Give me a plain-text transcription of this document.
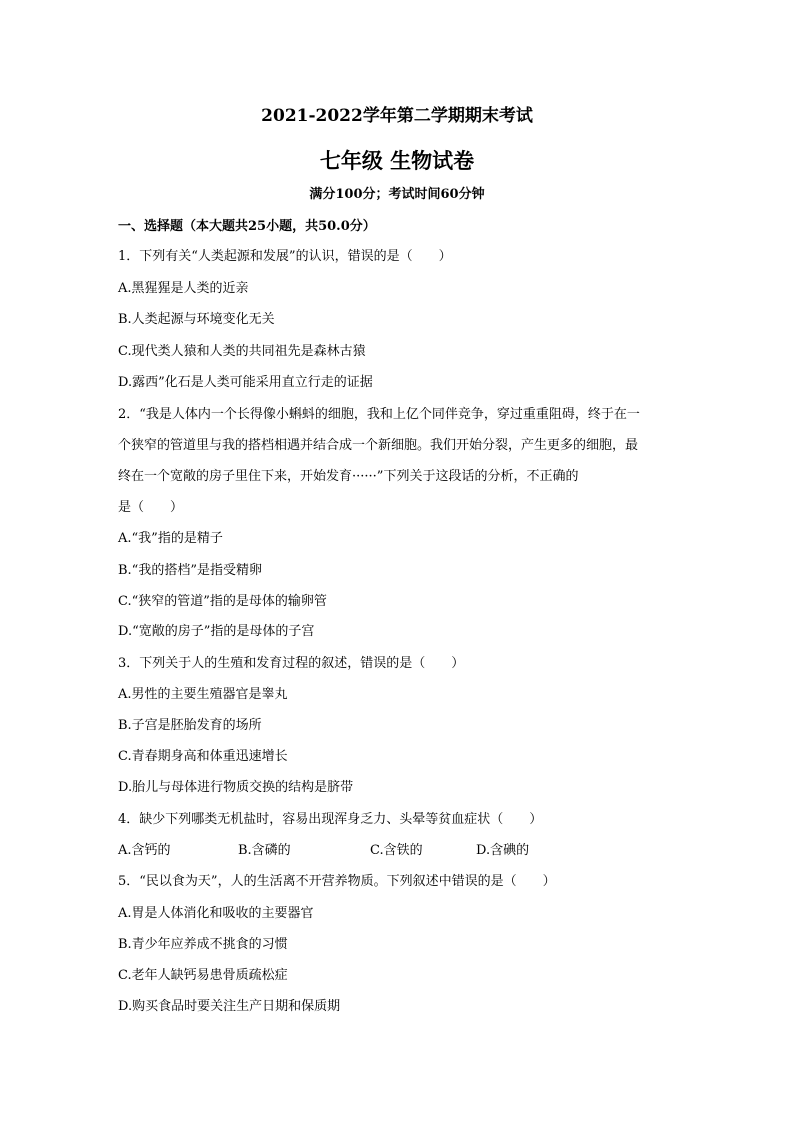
2021-2022学年第二学期期末考试
七年级 生物试卷
满分100分；考试时间60分钟
一、选择题（本大题共25小题，共50.0分）
1．下列有关“人类起源和发展”的认识，错误的是（　　）
A.黑猩猩是人类的近亲
B.人类起源与环境变化无关
C.现代类人猿和人类的共同祖先是森林古猿
D.露西”化石是人类可能采用直立行走的证据
2．“我是人体内一个长得像小蝌蚪的细胞，我和上亿个同伴竞争，穿过重重阻碍，终于在一
个狭窄的管道里与我的搭档相遇并结合成一个新细胞。我们开始分裂，产生更多的细胞，最
终在一个宽敞的房子里住下来，开始发育······”下列关于这段话的分析，不正确的
是（　　）
A.“我”指的是精子
B.“我的搭档”是指受精卵
C.“狭窄的管道”指的是母体的输卵管
D.“宽敞的房子”指的是母体的子宫
3．下列关于人的生殖和发育过程的叙述，错误的是（　　）
A.男性的主要生殖器官是睾丸
B.子宫是胚胎发育的场所
C.青春期身高和体重迅速增长
D.胎儿与母体进行物质交换的结构是脐带
4．缺少下列哪类无机盐时，容易出现浑身乏力、头晕等贫血症状（　　）
A.含钙的	B.含磷的	C.含铁的	D.含碘的
5．“民以食为天”，人的生活离不开营养物质。下列叙述中错误的是（　　）
A.胃是人体消化和吸收的主要器官
B.青少年应养成不挑食的习惯
C.老年人缺钙易患骨质疏松症
D.购买食品时要关注生产日期和保质期
